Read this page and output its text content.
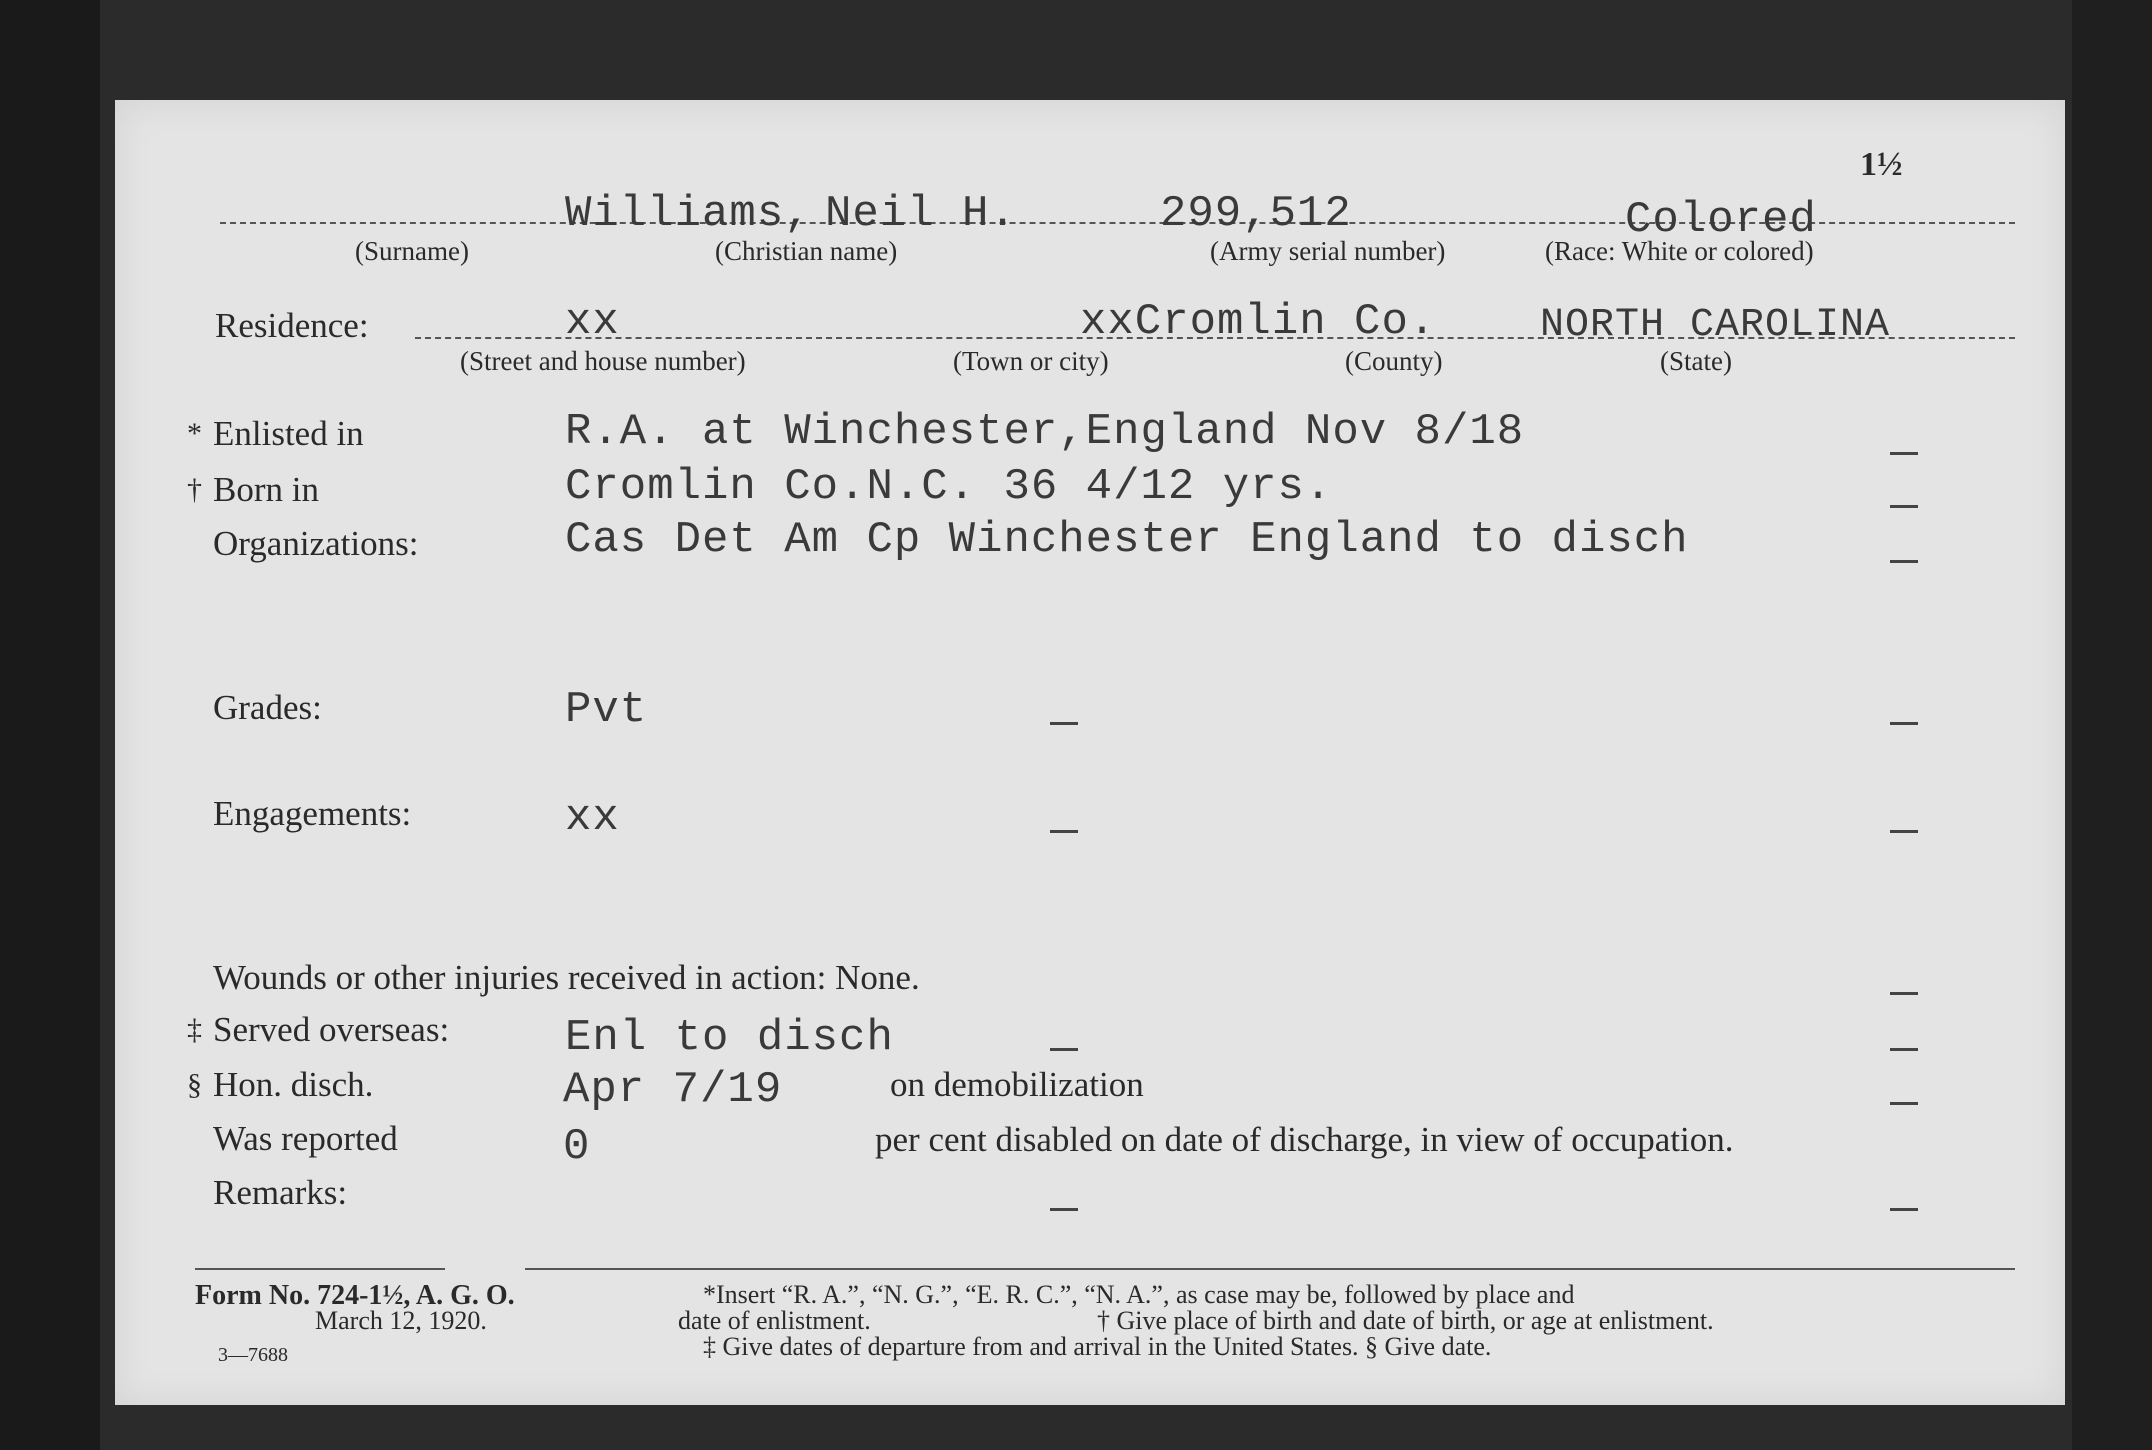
1½
Williams, Neil H.	299,512	Colored
(Surname)	(Christian name)	(Army serial number)	(Race: White or colored)
Residence:	xx	xxCromlin Co.	NORTH CAROLINA
(Street and house number)	(Town or city)	(County)	(State)
* Enlisted in	R.A. at Winchester,England Nov 8/18
† Born in	Cromlin Co.N.C. 36 4/12 yrs.
Organizations:	Cas Det Am Cp Winchester England to disch
Grades:	Pvt
Engagements:	xx
Wounds or other injuries received in action: None.
‡ Served overseas:	Enl to disch
§ Hon. disch.	Apr 7/19	on demobilization
Was reported	0	per cent disabled on date of discharge, in view of occupation.
Remarks:
Form No. 724-1½, A. G. O.
March 12, 1920.
3—7688
*Insert “R. A.”, “N. G.”, “E. R. C.”, “N. A.”, as case may be, followed by place and
date of enlistment.	† Give place of birth and date of birth, or age at enlistment.
‡ Give dates of departure from and arrival in the United States. § Give date.
